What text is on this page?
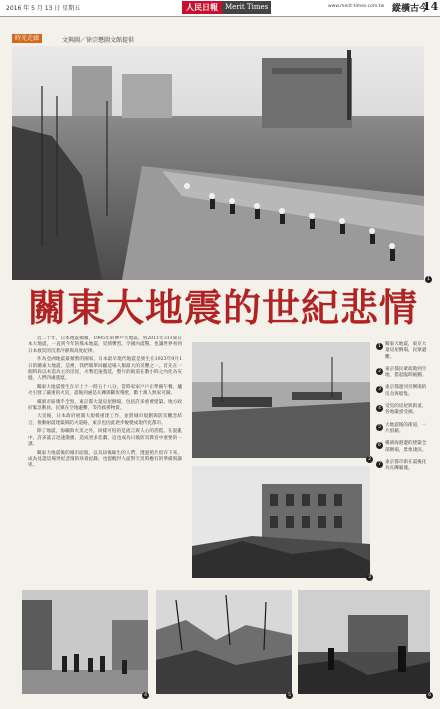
2016 年 5 月 13 日 星期五	人民日報	Merit Times	www.merit-times.com.tw 縱橫古今
14
時光走廊	文與圖／徐宗懋圖文館提供
1
關東大地震的世紀悲情

近二十年，日本地震頻頻，1995年的神戶大地震、到2011年311東日本大地震，一直到今年的熊本地震，災情慘烈，令國內震驚。也讓世界看到日本救災的沉著冷靜與高度紀律。

作為亞洲地震最頻繁的國家，日本最早現代地震是發生在1923年9月1日的關東大地震，這裡，我們簡單回顧這場人類最大的災難之一。首先在一個時段以木造為主的房屋，火勢迅速蔓延，整片的街道在數小時之內化為灰燼，人們四處逃竄。

關東大地震發生在早上十一時五十八分，當時家家戶戶正準備午餐，爐火引發了嚴重的火災，震後到處是瓦礫與斷垣殘壁，數十萬人無家可歸。

橫濱市區幾乎全毀，東京都大量房屋倒塌，包括許多重要建築。地方政府緊急動員，民眾在空地避難，等待救援物資。

大災後，日本政府展開大規模重建工作，並將城市規劃與防災觀念結合，推動耐震建築與防火道路，東京也因此逐步蛻變成現代化都市。

除了地震，海嘯與火災之外，同樣可怕的是流言與人心的恐慌。在混亂中，許多謠言迅速散播，造成更多悲劇，這也成為日後防災教育中重要的一課。

關東大地震後的城市面貌，以及劫後餘生的人們，透過照片留存下來，成為見證這場世紀悲情的珍貴紀錄，也提醒世人面對天災時應有的準備與謙卑。

2
3
1 關東大地震，東京大量房屋倒塌，民眾避難。
2 東京都民眾疏散到空地，搭起臨時帳棚。
3 東京都運河旁倒塌的房舍與船隻。
4 受災的房屋與街道，各地嚴重受損。
5 大地震後的街道，一片狼藉。
6 橫濱海港邊的建築全部倒塌，景象淒涼。
7 東京都市街在震後化為瓦礫廢墟。
4	5	6
